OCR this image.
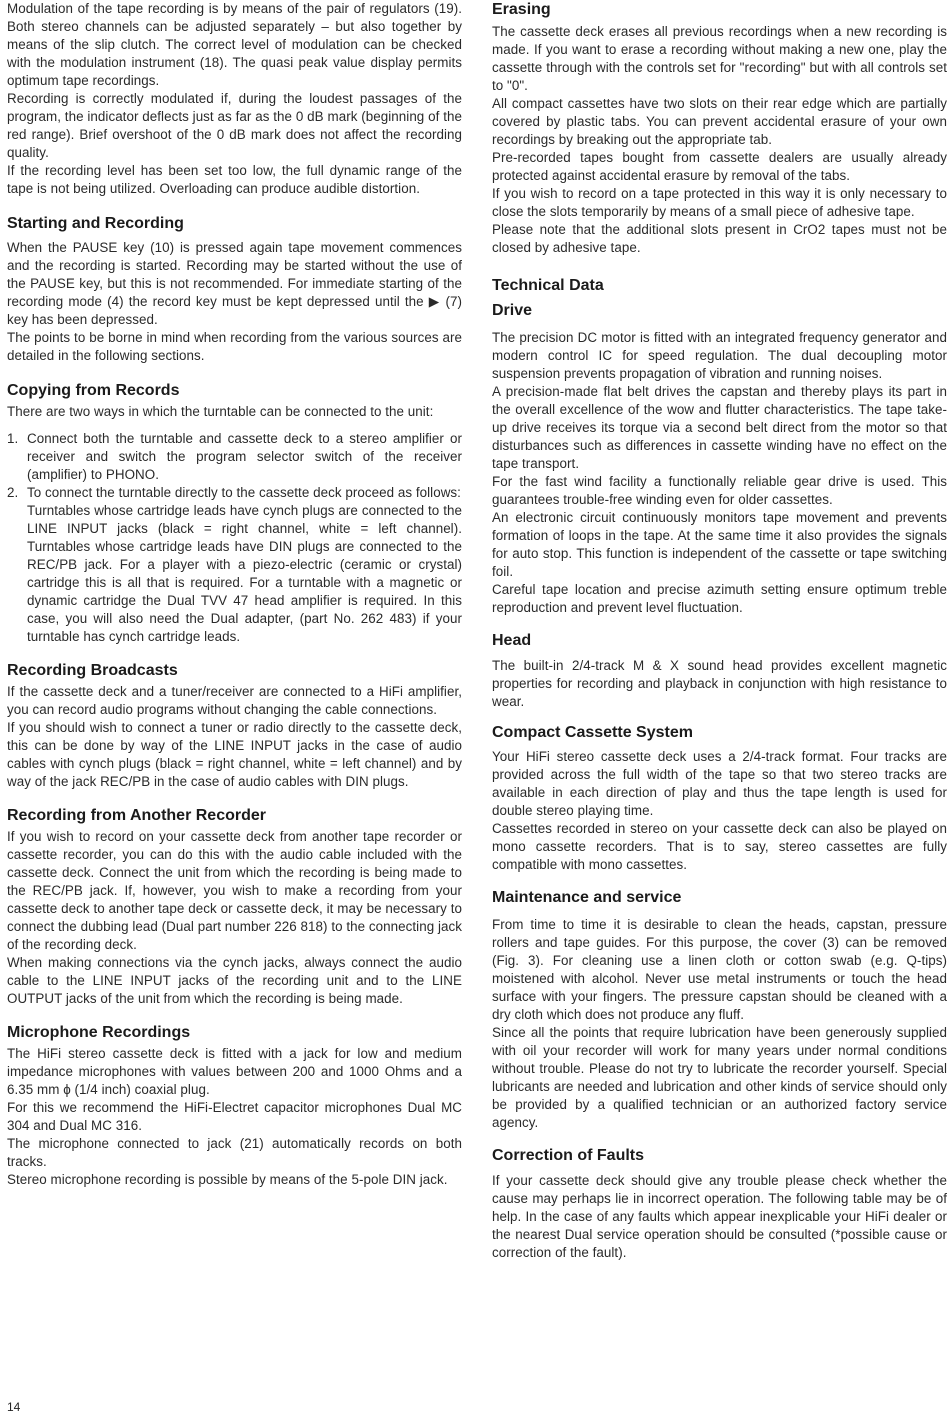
Modulation of the tape recording is by means of the pair of regulators (19). Both stereo channels can be adjusted separately – but also together by means of the slip clutch. The correct level of modulation can be checked with the modulation instrument (18). The quasi peak value display permits optimum tape recordings.

Recording is correctly modulated if, during the loudest passages of the program, the indicator deflects just as far as the 0 dB mark (beginning of the red range). Brief overshoot of the 0 dB mark does not affect the recording quality.

If the recording level has been set too low, the full dynamic range of the tape is not being utilized. Overloading can produce audible distortion.

Starting and Recording

When the PAUSE key (10) is pressed again tape movement commences and the recording is started. Recording may be started without the use of the PAUSE key, but this is not recommended. For immediate starting of the recording mode (4) the record key must be kept depressed until the ▶ (7) key has been depressed.

The points to be borne in mind when recording from the various sources are detailed in the following sections.

Copying from Records

There are two ways in which the turntable can be connected to the unit:

1. Connect both the turntable and cassette deck to a stereo amplifier or receiver and switch the program selector switch of the receiver (amplifier) to PHONO.

2. To connect the turntable directly to the cassette deck proceed as follows:

Turntables whose cartridge leads have cynch plugs are connected to the LINE INPUT jacks (black = right channel, white = left channel). Turntables whose cartridge leads have DIN plugs are connected to the REC/PB jack. For a player with a piezo-electric (ceramic or crystal) cartridge this is all that is required. For a turntable with a magnetic or dynamic cartridge the Dual TVV 47 head amplifier is required. In this case, you will also need the Dual adapter, (part No. 262 483) if your turntable has cynch cartridge leads.

Recording Broadcasts

If the cassette deck and a tuner/receiver are connected to a HiFi amplifier, you can record audio programs without changing the cable connections.

If you should wish to connect a tuner or radio directly to the cassette deck, this can be done by way of the LINE INPUT jacks in the case of audio cables with cynch plugs (black = right channel, white = left channel) and by way of the jack REC/PB in the case of audio cables with DIN plugs.

Recording from Another Recorder

If you wish to record on your cassette deck from another tape recorder or cassette recorder, you can do this with the audio cable included with the cassette deck. Connect the unit from which the recording is being made to the REC/PB jack. If, however, you wish to make a recording from your cassette deck to another tape deck or cassette deck, it may be necessary to connect the dubbing lead (Dual part number 226 818) to the connecting jack of the recording deck.

When making connections via the cynch jacks, always connect the audio cable to the LINE INPUT jacks of the recording unit and to the LINE OUTPUT jacks of the unit from which the recording is being made.

Microphone Recordings

The HiFi stereo cassette deck is fitted with a jack for low and medium impedance microphones with values between 200 and 1000 Ohms and a 6.35 mm ϕ (1/4 inch) coaxial plug.

For this we recommend the HiFi-Electret capacitor microphones Dual MC 304 and Dual MC 316.

The microphone connected to jack (21) automatically records on both tracks.

Stereo microphone recording is possible by means of the 5-pole DIN jack.

Erasing

The cassette deck erases all previous recordings when a new recording is made. If you want to erase a recording without making a new one, play the cassette through with the controls set for "recording" but with all controls set to "0".

All compact cassettes have two slots on their rear edge which are partially covered by plastic tabs. You can prevent accidental erasure of your own recordings by breaking out the appropriate tab.

Pre-recorded tapes bought from cassette dealers are usually already protected against accidental erasure by removal of the tabs.

If you wish to record on a tape protected in this way it is only necessary to close the slots temporarily by means of a small piece of adhesive tape.

Please note that the additional slots present in CrO2 tapes must not be closed by adhesive tape.

Technical Data
Drive

The precision DC motor is fitted with an integrated frequency generator and modern control IC for speed regulation. The dual decoupling motor suspension prevents propagation of vibration and running noises.

A precision-made flat belt drives the capstan and thereby plays its part in the overall excellence of the wow and flutter characteristics. The tape take-up drive receives its torque via a second belt direct from the motor so that disturbances such as differences in cassette winding have no effect on the tape transport.

For the fast wind facility a functionally reliable gear drive is used. This guarantees trouble-free winding even for older cassettes.

An electronic circuit continuously monitors tape movement and prevents formation of loops in the tape. At the same time it also provides the signals for auto stop. This function is independent of the cassette or tape switching foil.

Careful tape location and precise azimuth setting ensure optimum treble reproduction and prevent level fluctuation.

Head

The built-in 2/4-track M & X sound head provides excellent magnetic properties for recording and playback in conjunction with high resistance to wear.

Compact Cassette System

Your HiFi stereo cassette deck uses a 2/4-track format. Four tracks are provided across the full width of the tape so that two stereo tracks are available in each direction of play and thus the tape length is used for double stereo playing time.

Cassettes recorded in stereo on your cassette deck can also be played on mono cassette recorders. That is to say, stereo cassettes are fully compatible with mono cassettes.

Maintenance and service

From time to time it is desirable to clean the heads, capstan, pressure rollers and tape guides. For this purpose, the cover (3) can be removed (Fig. 3). For cleaning use a linen cloth or cotton swab (e.g. Q-tips) moistened with alcohol. Never use metal instruments or touch the head surface with your fingers. The pressure capstan should be cleaned with a dry cloth which does not produce any fluff.

Since all the points that require lubrication have been generously supplied with oil your recorder will work for many years under normal conditions without trouble. Please do not try to lubricate the recorder yourself. Special lubricants are needed and lubrication and other kinds of service should only be provided by a qualified technician or an authorized factory service agency.

Correction of Faults

If your cassette deck should give any trouble please check whether the cause may perhaps lie in incorrect operation. The following table may be of help. In the case of any faults which appear inexplicable your HiFi dealer or the nearest Dual service operation should be consulted (*possible cause or correction of the fault).

14
